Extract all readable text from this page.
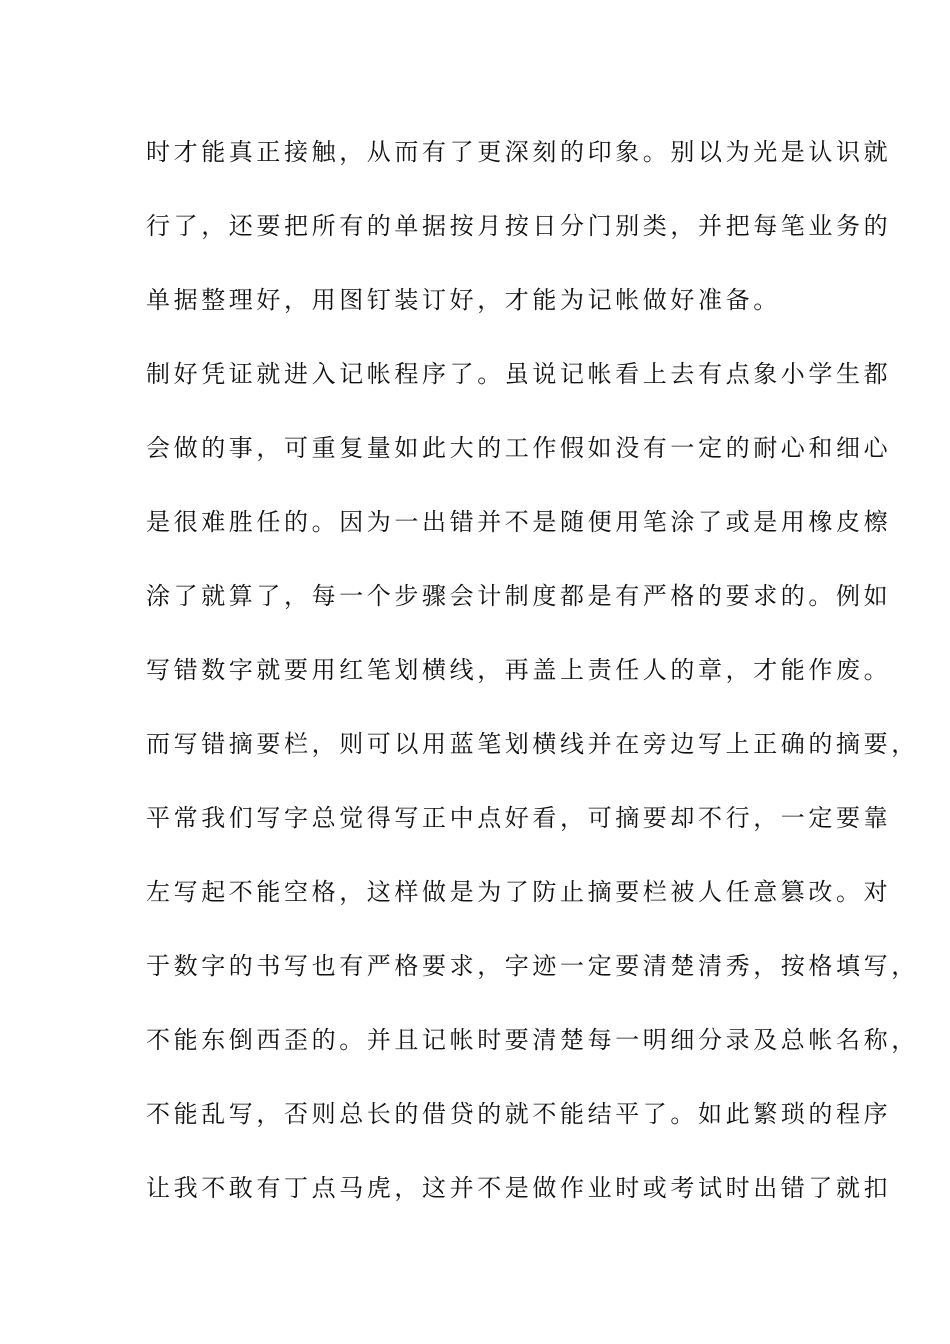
时才能真正接触，从而有了更深刻的印象。别以为光是认识就
行了，还要把所有的单据按月按日分门别类，并把每笔业务的
单据整理好，用图钉装订好，才能为记帐做好准备。
制好凭证就进入记帐程序了。虽说记帐看上去有点象小学生都
会做的事，可重复量如此大的工作假如没有一定的耐心和细心
是很难胜任的。因为一出错并不是随便用笔涂了或是用橡皮檫
涂了就算了，每一个步骤会计制度都是有严格的要求的。例如
写错数字就要用红笔划横线，再盖上责任人的章，才能作废。
而写错摘要栏，则可以用蓝笔划横线并在旁边写上正确的摘要，
平常我们写字总觉得写正中点好看，可摘要却不行，一定要靠
左写起不能空格，这样做是为了防止摘要栏被人任意篡改。对
于数字的书写也有严格要求，字迹一定要清楚清秀，按格填写，
不能东倒西歪的。并且记帐时要清楚每一明细分录及总帐名称，
不能乱写，否则总长的借贷的就不能结平了。如此繁琐的程序
让我不敢有丁点马虎，这并不是做作业时或考试时出错了就扣
